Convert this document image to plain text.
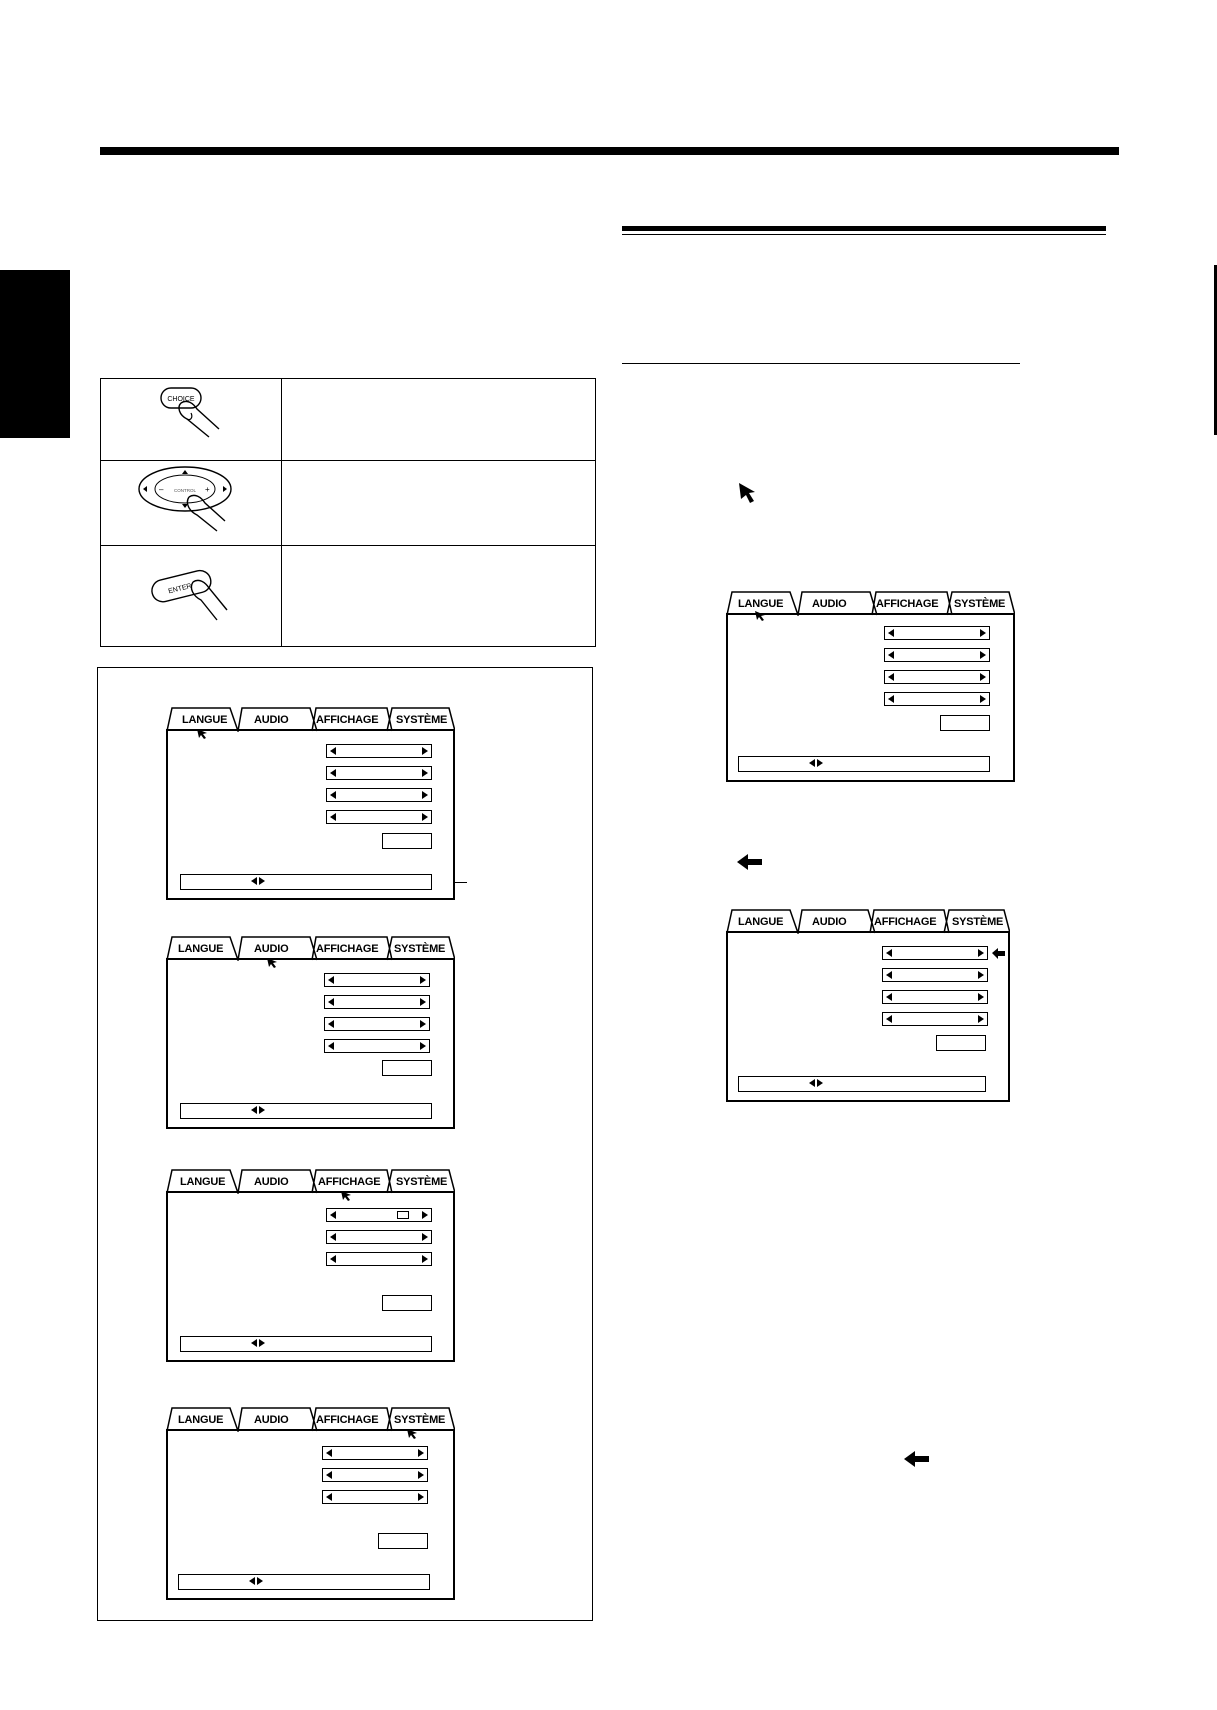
CHOICE	

– +
CONTROL	

ENTER	

LANGUE AUDIO	AFFICHAGE SYSTÈME
LANGUE	AUDIO	AFFICHAGE SYSTÈME
LANGUE	AUDIO	AFFICHAGE SYSTÈME
LANGUE	AUDIO	AFFICHAGE SYSTÈME
LANGUE	AUDIO	AFFICHAGE SYSTÈME
LANGUE	AUDIO	AFFICHAGE SYSTÈME
